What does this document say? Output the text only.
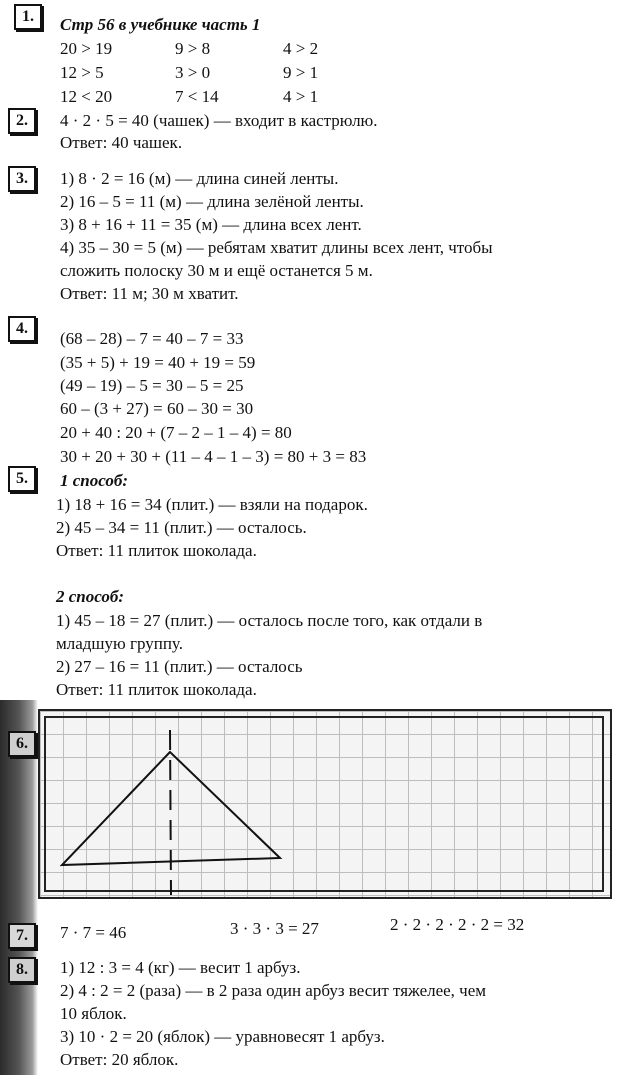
1.	Стр 56 в учебнике часть 1
20 > 19	9 > 8	4 > 2
12 > 5	3 > 0	9 > 1
12 < 20	7 < 14	4 > 1
2.	4 · 2 · 5 = 40 (чашек) — входит в кастрюлю.
Ответ: 40 чашек.
3.	1) 8 · 2 = 16 (м) — длина синей ленты.
2) 16 – 5 = 11 (м) — длина зелёной ленты.
3) 8 + 16 + 11 = 35 (м) — длина всех лент.
4) 35 – 30 = 5 (м) — ребятам хватит длины всех лент, чтобы
сложить полоску 30 м и ещё останется 5 м.
Ответ: 11 м; 30 м хватит.
4.
(68 – 28) – 7 = 40 – 7 = 33
(35 + 5) + 19 = 40 + 19 = 59
(49 – 19) – 5 = 30 – 5 = 25
60 – (3 + 27) = 60 – 30 = 30
20 + 40 : 20 + (7 – 2 – 1 – 4) = 80
30 + 20 + 30 + (11 – 4 – 1 – 3) = 80 + 3 = 83
5.	1 способ:
1) 18 + 16 = 34 (плит.) — взяли на подарок.
2) 45 – 34 = 11 (плит.) — осталось.
Ответ: 11 плиток шоколада.
2 способ:
1) 45 – 18 = 27 (плит.) — осталось после того, как отдали в
младшую группу.
2) 27 – 16 = 11 (плит.) — осталось
Ответ: 11 плиток шоколада.
6.
7.	7 · 7 = 46	3 · 3 · 3 = 27	2 · 2 · 2 · 2 · 2 = 32
8.	1) 12 : 3 = 4 (кг) — весит 1 арбуз.
2) 4 : 2 = 2 (раза) — в 2 раза один арбуз весит тяжелее, чем
10 яблок.
3) 10 · 2 = 20 (яблок) — уравновесят 1 арбуз.
Ответ: 20 яблок.
